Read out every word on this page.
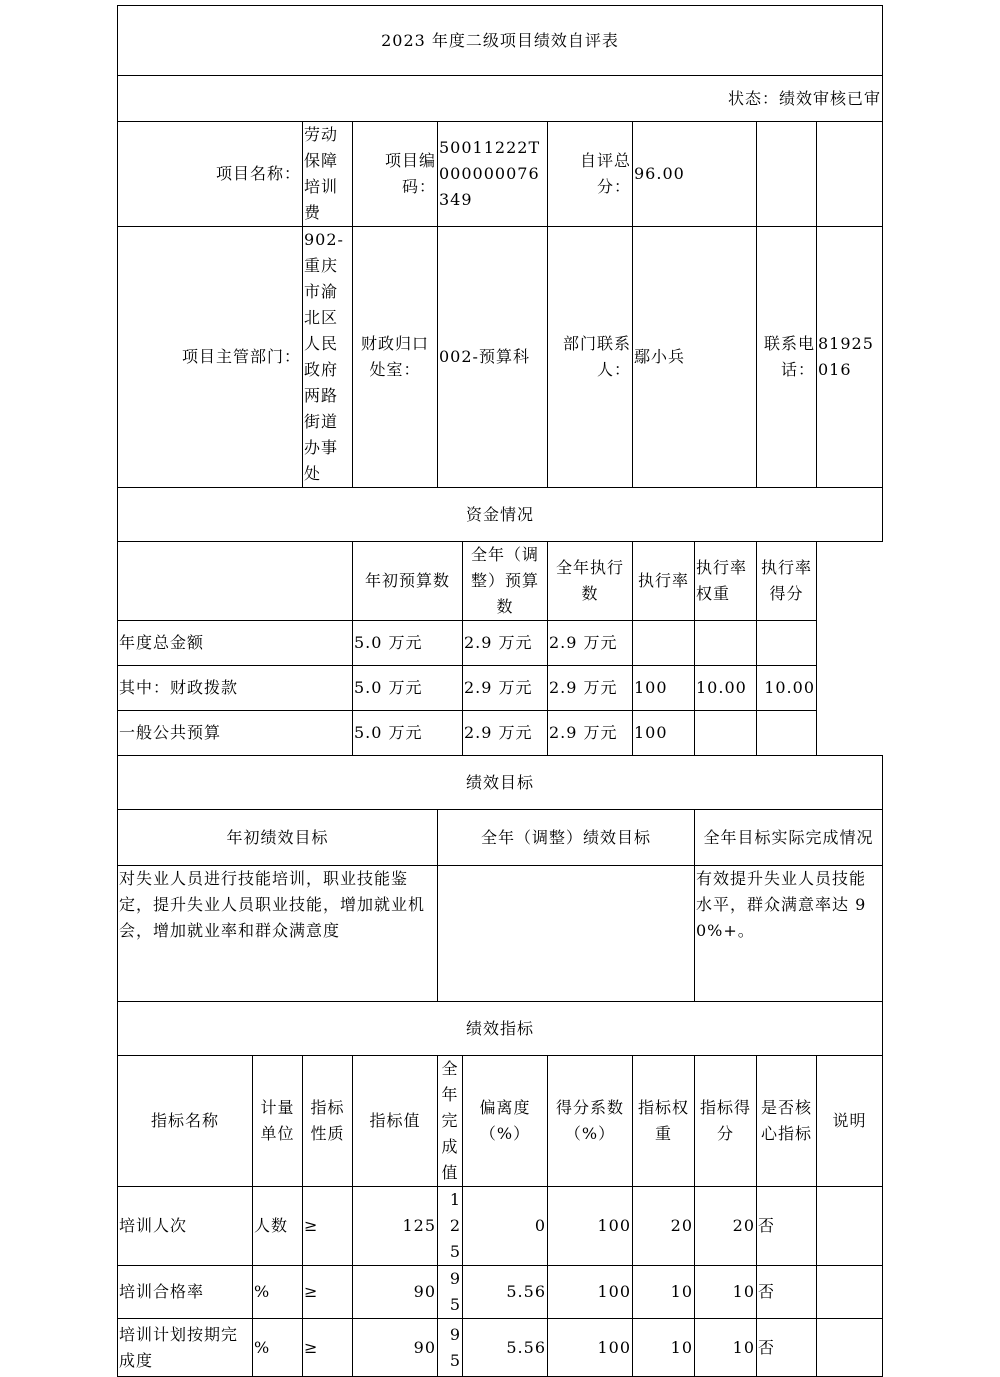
2023 年度二级项目绩效自评表										
状态：绩效审核已审										
项目名称：		劳动保障培训费	项目编码：	50011222T000000076349		自评总分：	96.00			
项目主管部门：		902-重庆市渝北区人民政府两路街道办事处	财政归口处室：	002-预算科		部门联系人：	鄢小兵		联系电话：	81925016
资金情况										
			年初预算数		全年（调整）预算数	全年执行数	执行率	执行率权重	执行率得分	
年度总金额			5.0 万元		2.9 万元	2.9 万元				
其中：财政拨款			5.0 万元		2.9 万元	2.9 万元	100	10.00	10.00	
一般公共预算			5.0 万元		2.9 万元	2.9 万元	100			
绩效目标										
年初绩效目标				全年（调整）绩效目标				全年目标实际完成情况		
对失业人员进行技能培训，职业技能鉴定，提升失业人员职业技能，增加就业机会，增加就业率和群众满意度								有效提升失业人员技能水平，群众满意率达 90%+。		
绩效指标										
指标名称	计量单位	指标性质	指标值	全年完成值	偏离度（%）	得分系数（%）	指标权重	指标得分	是否核心指标	说明
培训人次	人数	≥	125	125	0	100	20	20	否	
培训合格率	%	≥	90	95	5.56	100	10	10	否	
培训计划按期完成度	%	≥	90	95	5.56	100	10	10	否	
